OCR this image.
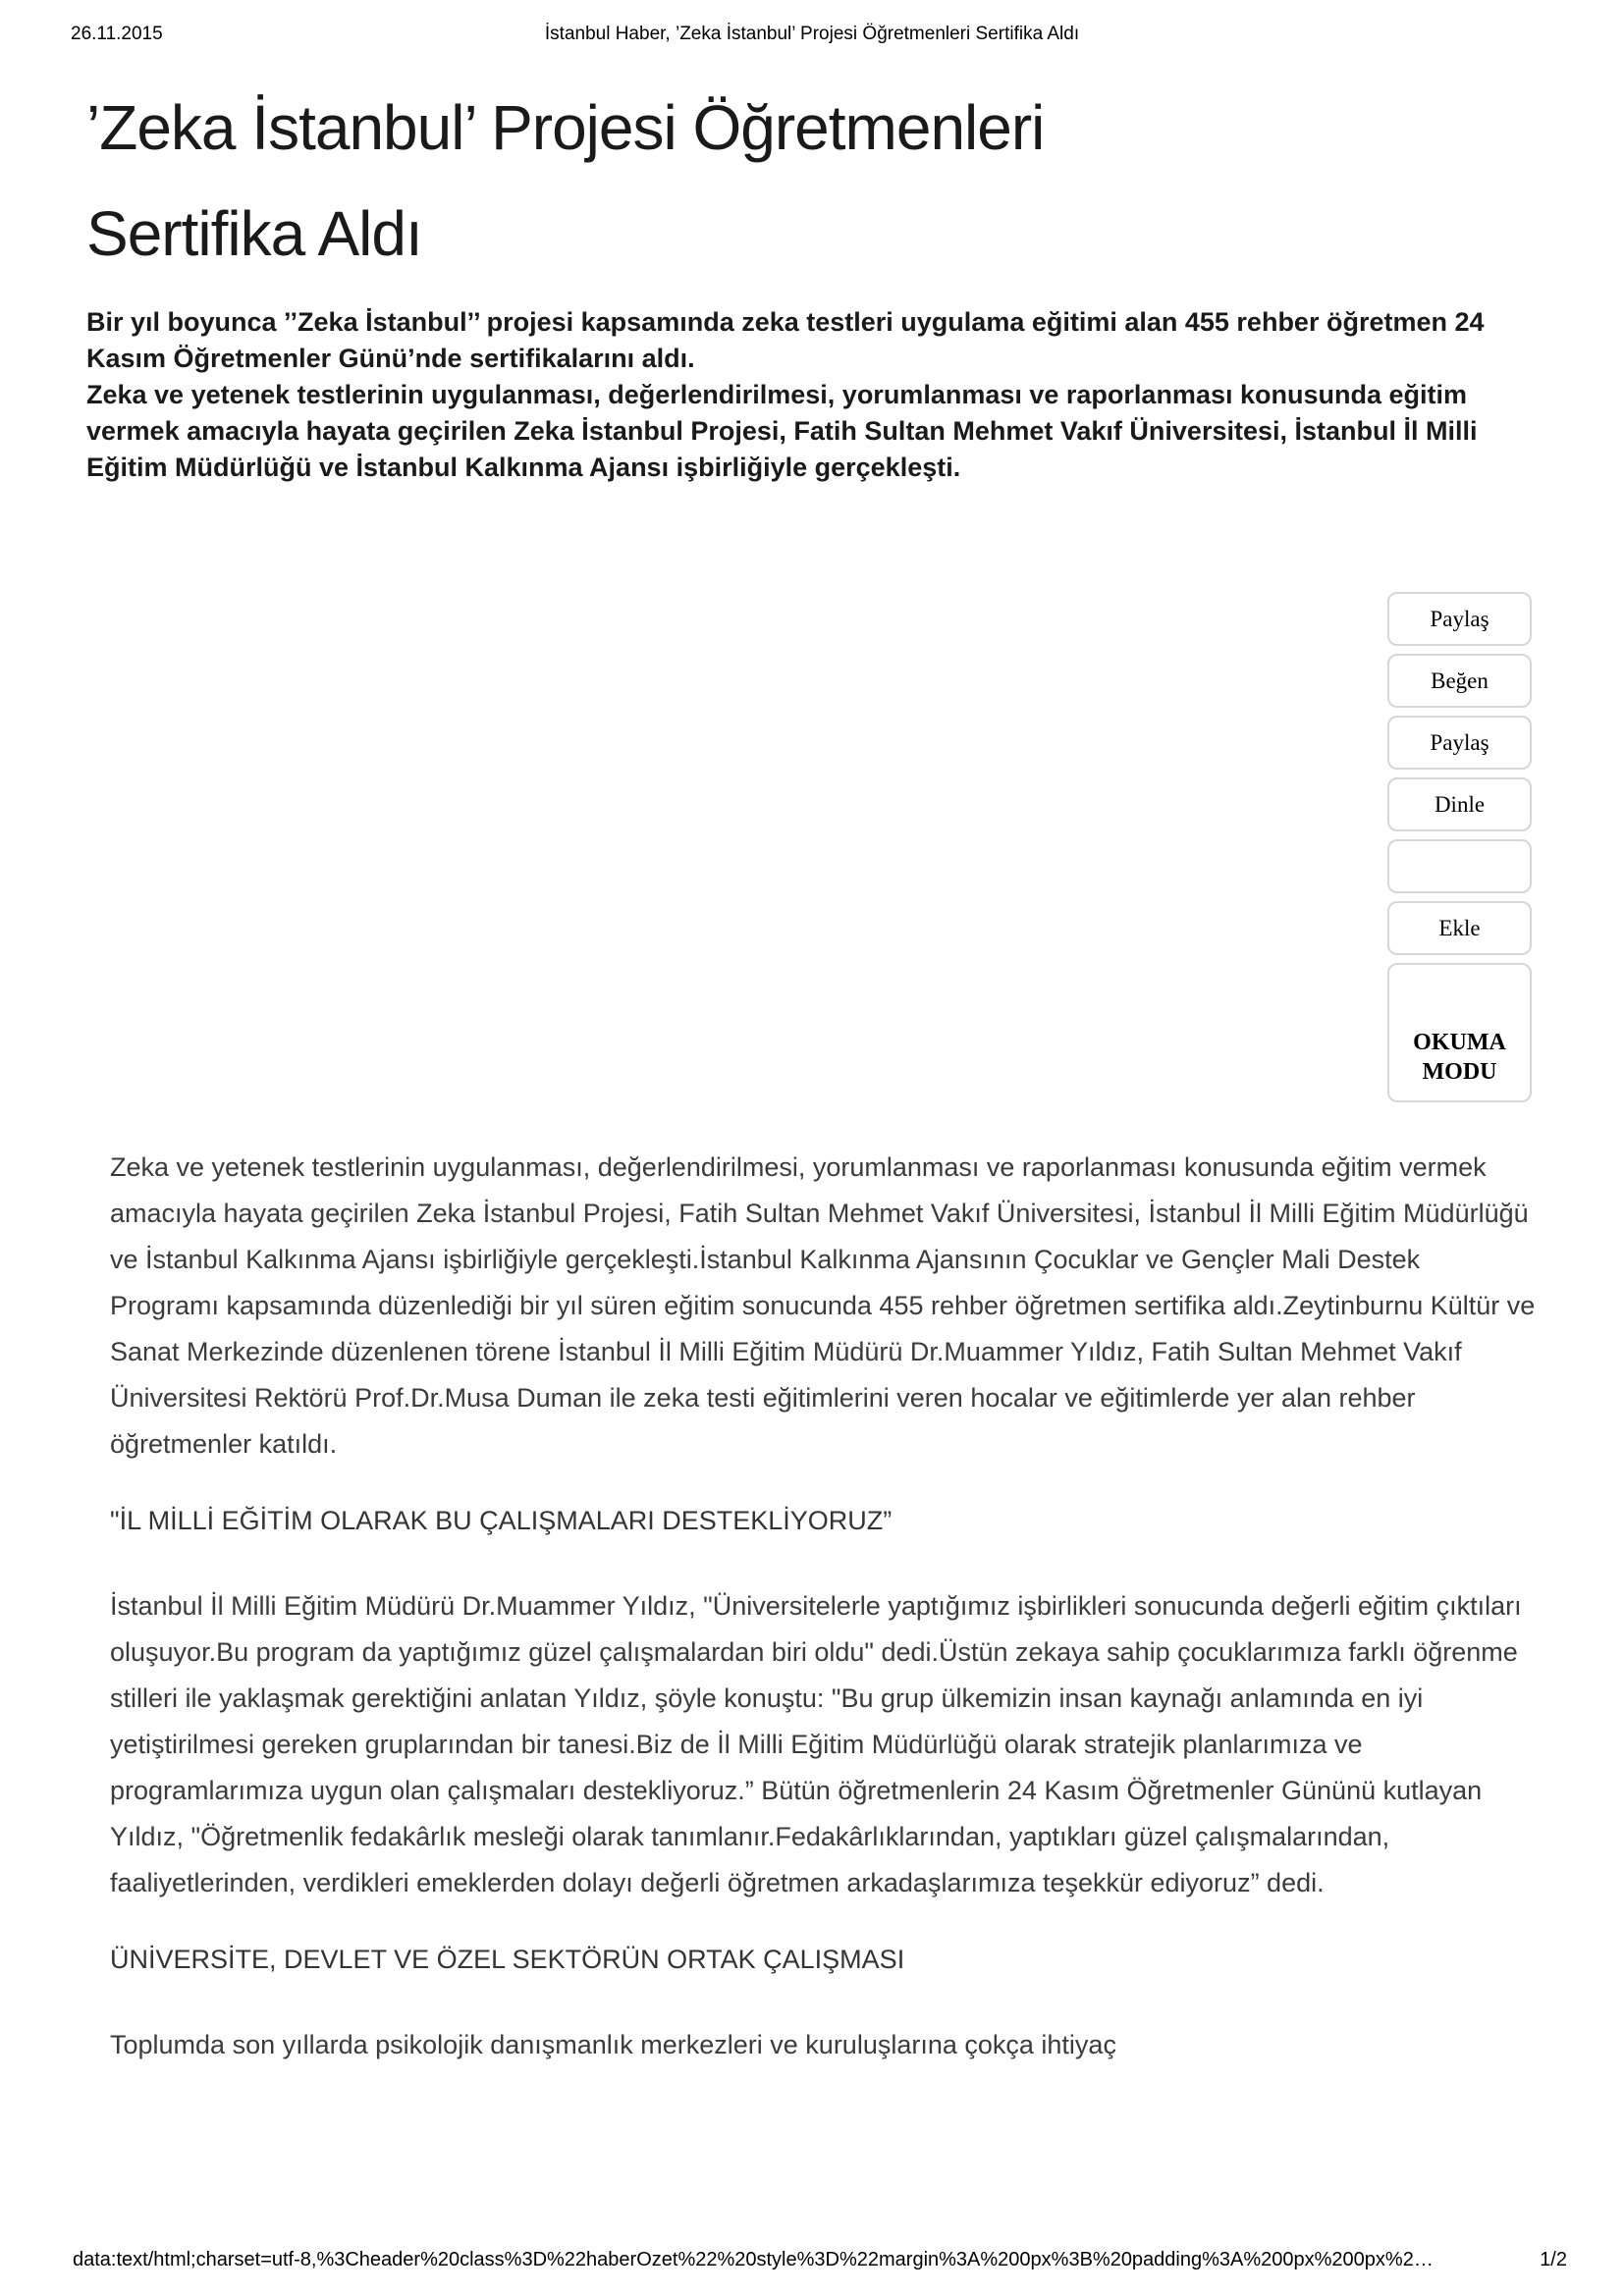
26.11.2015	İstanbul Haber, ’Zeka İstanbul’ Projesi Öğretmenleri Sertifika Aldı
’Zeka İstanbul’ Projesi Öğretmenleri
Sertifika Aldı

Bir yıl boyunca ’’Zeka İstanbul’’ projesi kapsamında zeka testleri uygulama eğitimi alan 455 rehber öğretmen 24 Kasım Öğretmenler Günü’nde sertifikalarını aldı.

Zeka ve yetenek testlerinin uygulanması, değerlendirilmesi, yorumlanması ve raporlanması konusunda eğitim vermek amacıyla hayata geçirilen Zeka İstanbul Projesi, Fatih Sultan Mehmet Vakıf Üniversitesi, İstanbul İl Milli Eğitim Müdürlüğü ve İstanbul Kalkınma Ajansı işbirliğiyle gerçekleşti.

Paylaş
Beğen
Paylaş
Dinle
Ekle
OKUMA MODU

Zeka ve yetenek testlerinin uygulanması, değerlendirilmesi, yorumlanması ve raporlanması konusunda eğitim vermek amacıyla hayata geçirilen Zeka İstanbul Projesi, Fatih Sultan Mehmet Vakıf Üniversitesi, İstanbul İl Milli Eğitim Müdürlüğü ve İstanbul Kalkınma Ajansı işbirliğiyle gerçekleşti.İstanbul Kalkınma Ajansının Çocuklar ve Gençler Mali Destek Programı kapsamında düzenlediği bir yıl süren eğitim sonucunda 455 rehber öğretmen sertifika aldı.Zeytinburnu Kültür ve Sanat Merkezinde düzenlenen törene İstanbul İl Milli Eğitim Müdürü Dr.Muammer Yıldız, Fatih Sultan Mehmet Vakıf Üniversitesi Rektörü Prof.Dr.Musa Duman ile zeka testi eğitimlerini veren hocalar ve eğitimlerde yer alan rehber öğretmenler katıldı.

"İL MİLLİ EĞİTİM OLARAK BU ÇALIŞMALARI DESTEKLİYORUZ”

İstanbul İl Milli Eğitim Müdürü Dr.Muammer Yıldız, "Üniversitelerle yaptığımız işbirlikleri sonucunda değerli eğitim çıktıları oluşuyor.Bu program da yaptığımız güzel çalışmalardan biri oldu" dedi.Üstün zekaya sahip çocuklarımıza farklı öğrenme stilleri ile yaklaşmak gerektiğini anlatan Yıldız, şöyle konuştu: "Bu grup ülkemizin insan kaynağı anlamında en iyi yetiştirilmesi gereken gruplarından bir tanesi.Biz de İl Milli Eğitim Müdürlüğü olarak stratejik planlarımıza ve programlarımıza uygun olan çalışmaları destekliyoruz.” Bütün öğretmenlerin 24 Kasım Öğretmenler Gününü kutlayan Yıldız, "Öğretmenlik fedakârlık mesleği olarak tanımlanır.Fedakârlıklarından, yaptıkları güzel çalışmalarından, faaliyetlerinden, verdikleri emeklerden dolayı değerli öğretmen arkadaşlarımıza teşekkür ediyoruz” dedi.

ÜNİVERSİTE, DEVLET VE ÖZEL SEKTÖRÜN ORTAK ÇALIŞMASI

Toplumda son yıllarda psikolojik danışmanlık merkezleri ve kuruluşlarına çokça ihtiyaç

data:text/html;charset=utf-8,%3Cheader%20class%3D%22haberOzet%22%20style%3D%22margin%3A%200px%3B%20padding%3A%200px%200px%2…	1/2
